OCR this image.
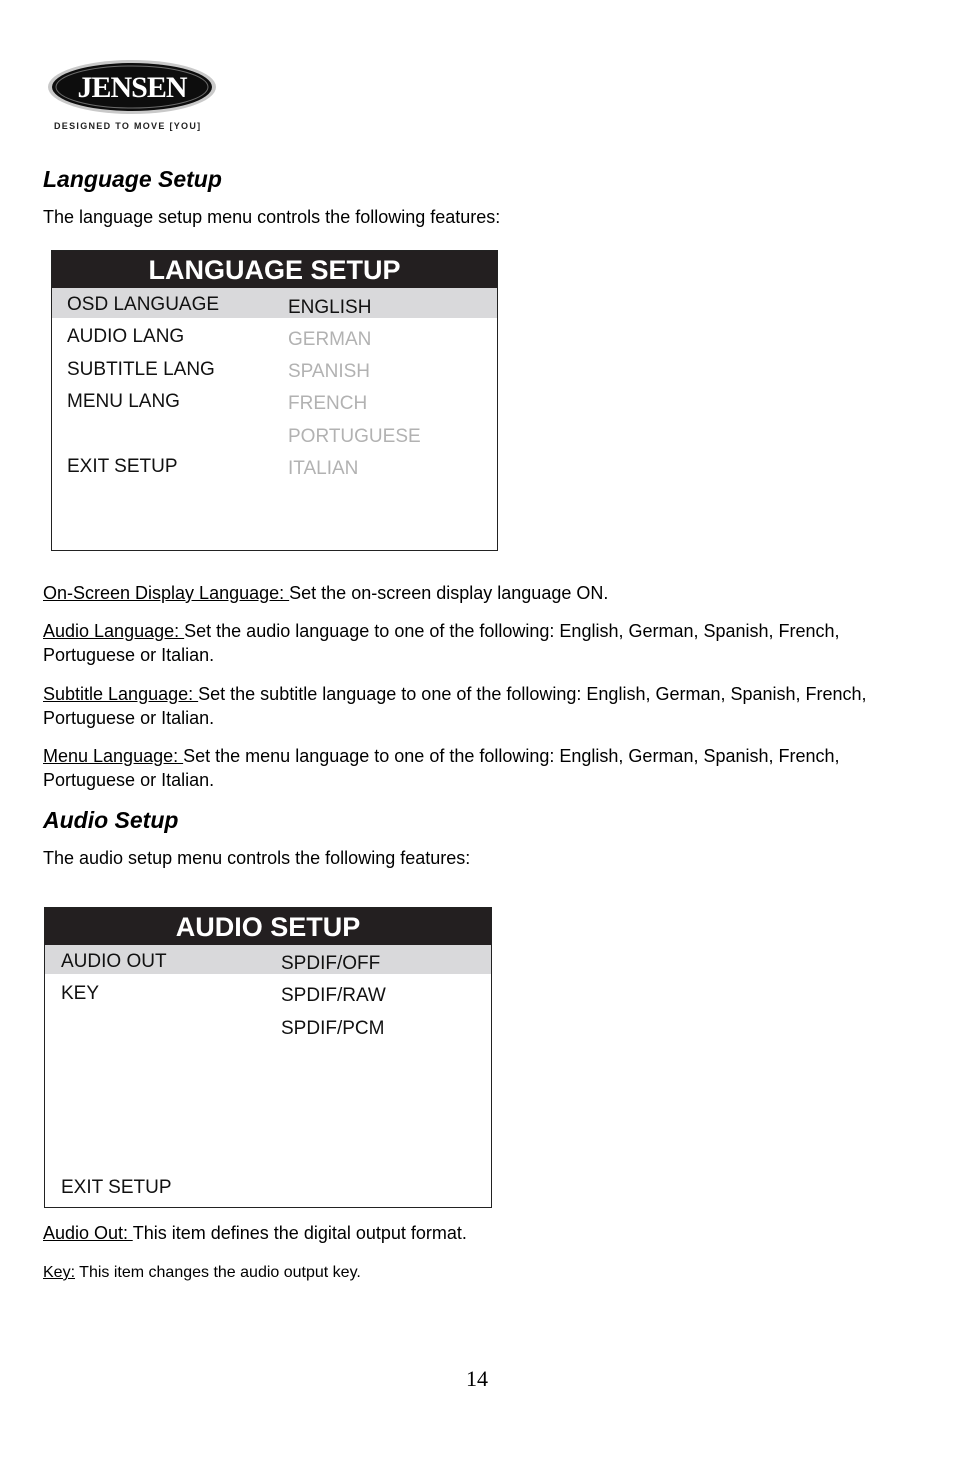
JENSEN
DESIGNED TO MOVE [YOU]
Language Setup

The language setup menu controls the following features:

LANGUAGE SETUP
OSD LANGUAGE
AUDIO LANG
SUBTITLE LANG
MENU LANG
EXIT SETUP
ENGLISH
GERMAN
SPANISH
FRENCH
PORTUGUESE
ITALIAN

On-Screen Display Language: Set the on-screen display language ON.

Audio Language: Set the audio language to one of the following: English, German, Spanish, French, Portuguese or Italian.

Subtitle Language: Set the subtitle language to one of the following: English, German, Spanish, French, Portuguese or Italian.

Menu Language: Set the menu language to one of the following: English, German, Spanish, French, Portuguese or Italian.

Audio Setup

The audio setup menu controls the following features:

AUDIO SETUP
AUDIO OUT
KEY
EXIT SETUP
SPDIF/OFF
SPDIF/RAW
SPDIF/PCM

Audio Out: This item defines the digital output format.

Key: This item changes the audio output key.

14
